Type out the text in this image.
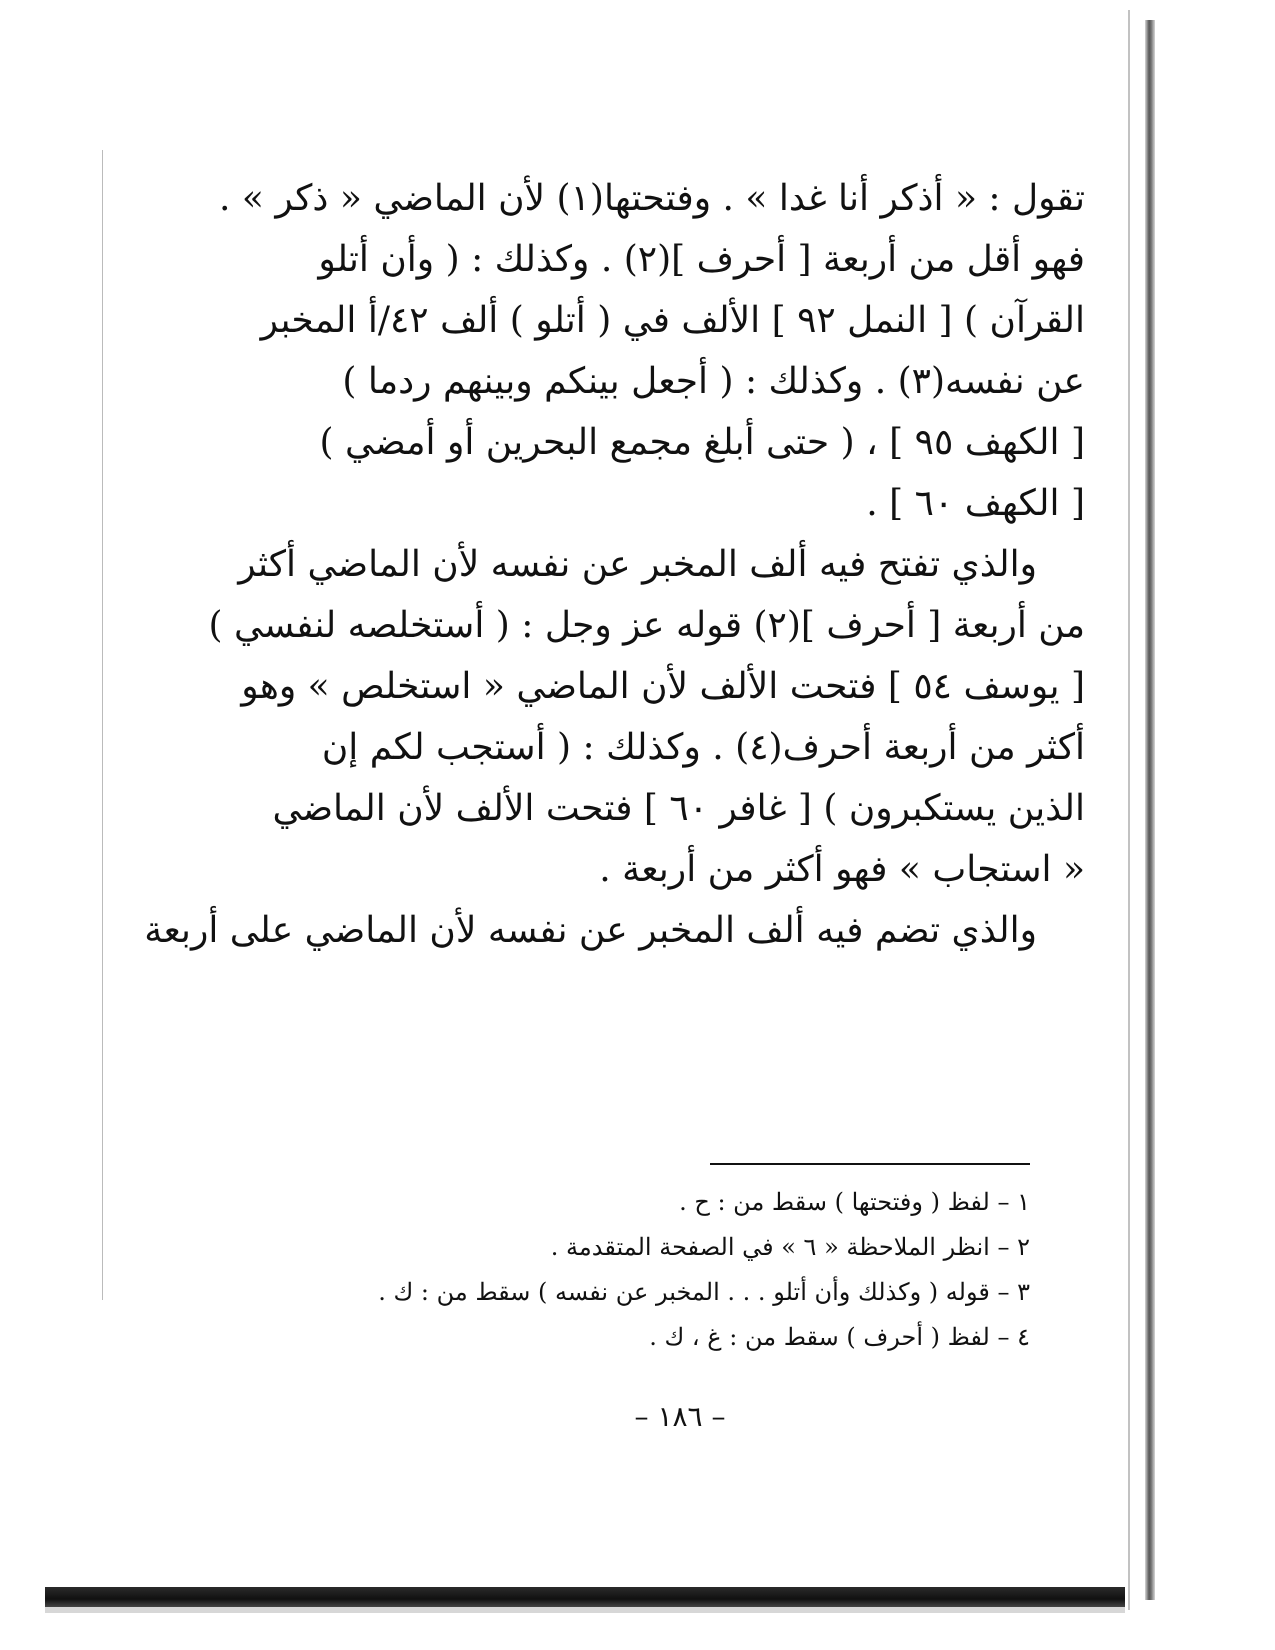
تقول : « أذكر أنا غدا » . وفتحتها(١) لأن الماضي « ذكر » .
فهو أقل من أربعة [ أحرف ](٢) . وكذلك : ( وأن أتلو
القرآن ) [ النمل ٩٢ ] الألف في ( أتلو ) ألف ٤٢/أ المخبر
عن نفسه(٣) . وكذلك : ( أجعل بينكم وبينهم ردما )
[ الكهف ٩٥ ] ، ( حتى أبلغ مجمع البحرين أو أمضي )
[ الكهف ٦٠ ] .
والذي تفتح فيه ألف المخبر عن نفسه لأن الماضي أكثر
من أربعة [ أحرف ](٢) قوله عز وجل : ( أستخلصه لنفسي )
[ يوسف ٥٤ ] فتحت الألف لأن الماضي « استخلص » وهو
أكثر من أربعة أحرف(٤) . وكذلك : ( أستجب لكم إن
الذين يستكبرون ) [ غافر ٦٠ ] فتحت الألف لأن الماضي
« استجاب » فهو أكثر من أربعة .
والذي تضم فيه ألف المخبر عن نفسه لأن الماضي على أربعة
١ – لفظ ( وفتحتها ) سقط من : ح .
٢ – انظر الملاحظة « ٦ » في الصفحة المتقدمة .
٣ – قوله ( وكذلك وأن أتلو . . . المخبر عن نفسه ) سقط من : ك .
٤ – لفظ ( أحرف ) سقط من : غ ، ك .
– ١٨٦ –
